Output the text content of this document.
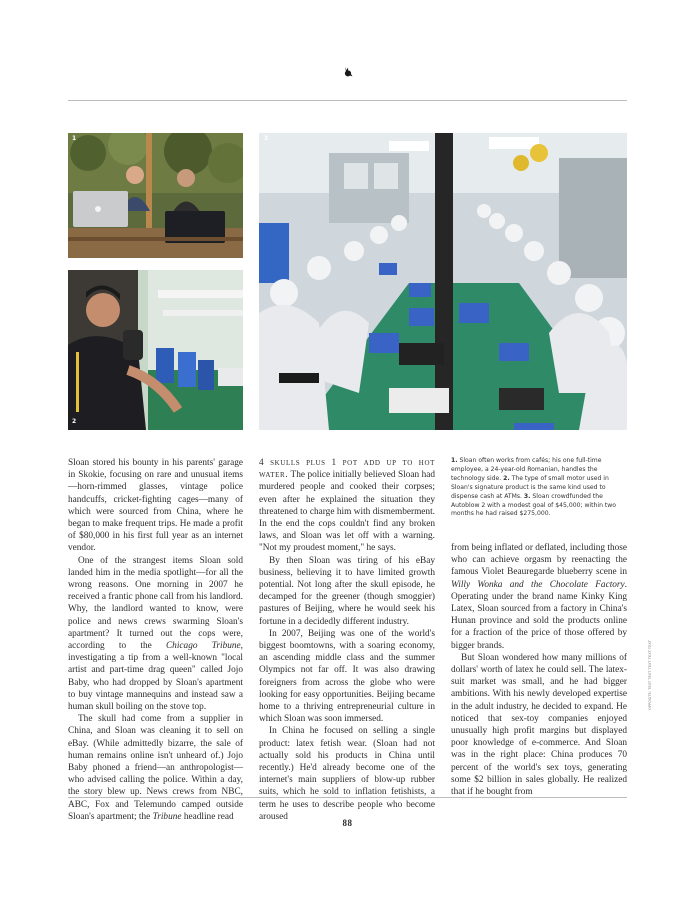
1
2
3

Sloan stored his bounty in his parents' garage in Skokie, focusing on rare and unusual items—horn-rimmed glasses, vintage police handcuffs, cricket-fighting cages—many of which were sourced from China, where he began to make frequent trips. He made a profit of $80,000 in his first full year as an internet vendor.

One of the strangest items Sloan sold landed him in the media spotlight—for all the wrong reasons. One morning in 2007 he received a frantic phone call from his landlord. Why, the landlord wanted to know, were police and news crews swarming Sloan's apartment? It turned out the cops were, according to the Chicago Tribune, investigating a tip from a well-known "local artist and part-time drag queen" called Jojo Baby, who had dropped by Sloan's apartment to buy vintage mannequins and instead saw a human skull boiling on the stove top.

The skull had come from a supplier in China, and Sloan was cleaning it to sell on eBay. (While admittedly bizarre, the sale of human remains online isn't unheard of.) Jojo Baby phoned a friend—an anthropologist—who advised calling the police. Within a day, the story blew up. News crews from NBC, ABC, Fox and Telemundo camped outside Sloan's apartment; the Tribune headline read

4 skulls plus 1 pot add up to hot water. The police initially believed Sloan had murdered people and cooked their corpses; even after he explained the situation they threatened to charge him with dismemberment. In the end the cops couldn't find any broken laws, and Sloan was let off with a warning. "Not my proudest moment," he says.

By then Sloan was tiring of his eBay business, believing it to have limited growth potential. Not long after the skull episode, he decamped for the greener (though smoggier) pastures of Beijing, where he would seek his fortune in a decidedly different industry.

In 2007, Beijing was one of the world's biggest boomtowns, with a soaring economy, an ascending middle class and the summer Olympics not far off. It was also drawing foreigners from across the globe who were looking for easy opportunities. Beijing became home to a thriving entrepreneurial culture in which Sloan was soon immersed.

In China he focused on selling a single product: latex fetish wear. (Sloan had not actually sold his products in China until recently.) He'd already become one of the internet's main suppliers of blow-up rubber suits, which he sold to inflation fetishists, a term he uses to describe people who become aroused

1. Sloan often works from cafés; his one full-time employee, a 24-year-old Romanian, handles the technology side. 2. The type of small motor used in Sloan's signature product is the same kind used to dispense cash at ATMs. 3. Sloan crowdfunded the Autoblow 2 with a modest goal of $45,000; within two months he had raised $275,000.

from being inflated or deflated, including those who can achieve orgasm by reenacting the famous Violet Beauregarde blueberry scene in Willy Wonka and the Chocolate Factory. Operating under the brand name Kinky King Latex, Sloan sourced from a factory in China's Hunan province and sold the products online for a fraction of the price of those offered by bigger brands.

But Sloan wondered how many millions of dollars' worth of latex he could sell. The latex-suit market was small, and he had bigger ambitions. With his newly developed expertise in the adult industry, he decided to expand. He noticed that sex-toy companies enjoyed unusually high profit margins but displayed poor knowledge of e-commerce. And Sloan was in the right place: China produces 70 percent of the world's sex toys, generating some $2 billion in sales globally. He realized that if he bought from

OPPOSITE: TEXT TEXT TEXT TEXT TEXT
88
